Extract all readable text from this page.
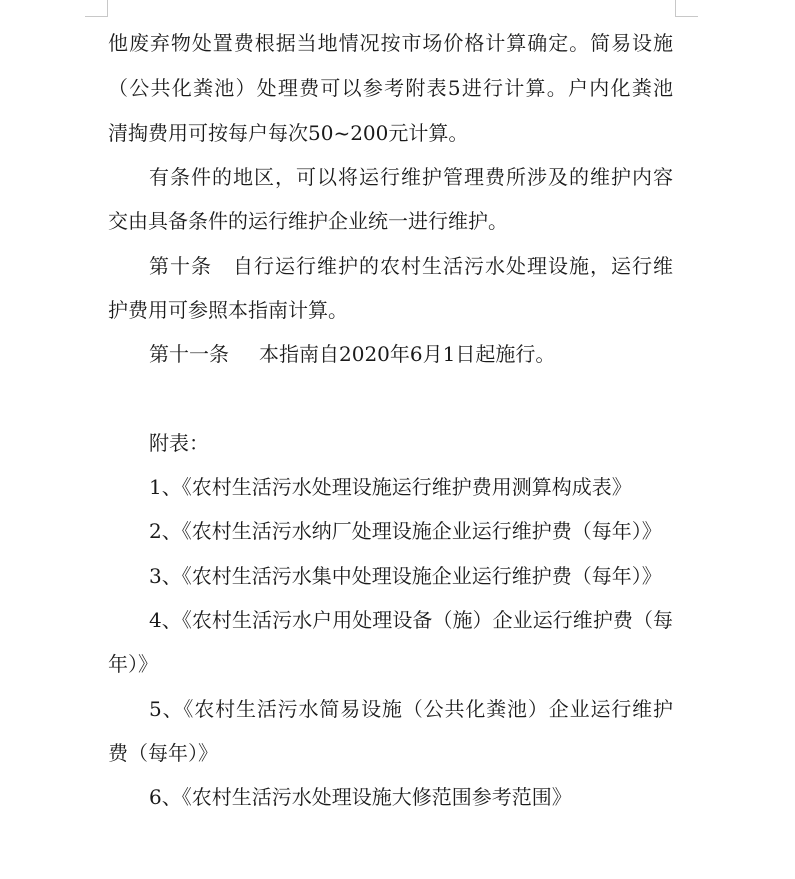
他废弃物处置费根据当地情况按市场价格计算确定。简易设施
（公共化粪池）处理费可以参考附表5进行计算。户内化粪池
清掏费用可按每户每次50~200元计算。
有条件的地区，可以将运行维护管理费所涉及的维护内容
交由具备条件的运行维护企业统一进行维护。
第十条 自行运行维护的农村生活污水处理设施，运行维
护费用可参照本指南计算。
第十一条 本指南自2020年6月1日起施行。
附表：
1、《农村生活污水处理设施运行维护费用测算构成表》
2、《农村生活污水纳厂处理设施企业运行维护费（每年）》
3、《农村生活污水集中处理设施企业运行维护费（每年）》
4、《农村生活污水户用处理设备（施）企业运行维护费（每
年）》
5、《农村生活污水简易设施（公共化粪池）企业运行维护
费（每年）》
6、《农村生活污水处理设施大修范围参考范围》
